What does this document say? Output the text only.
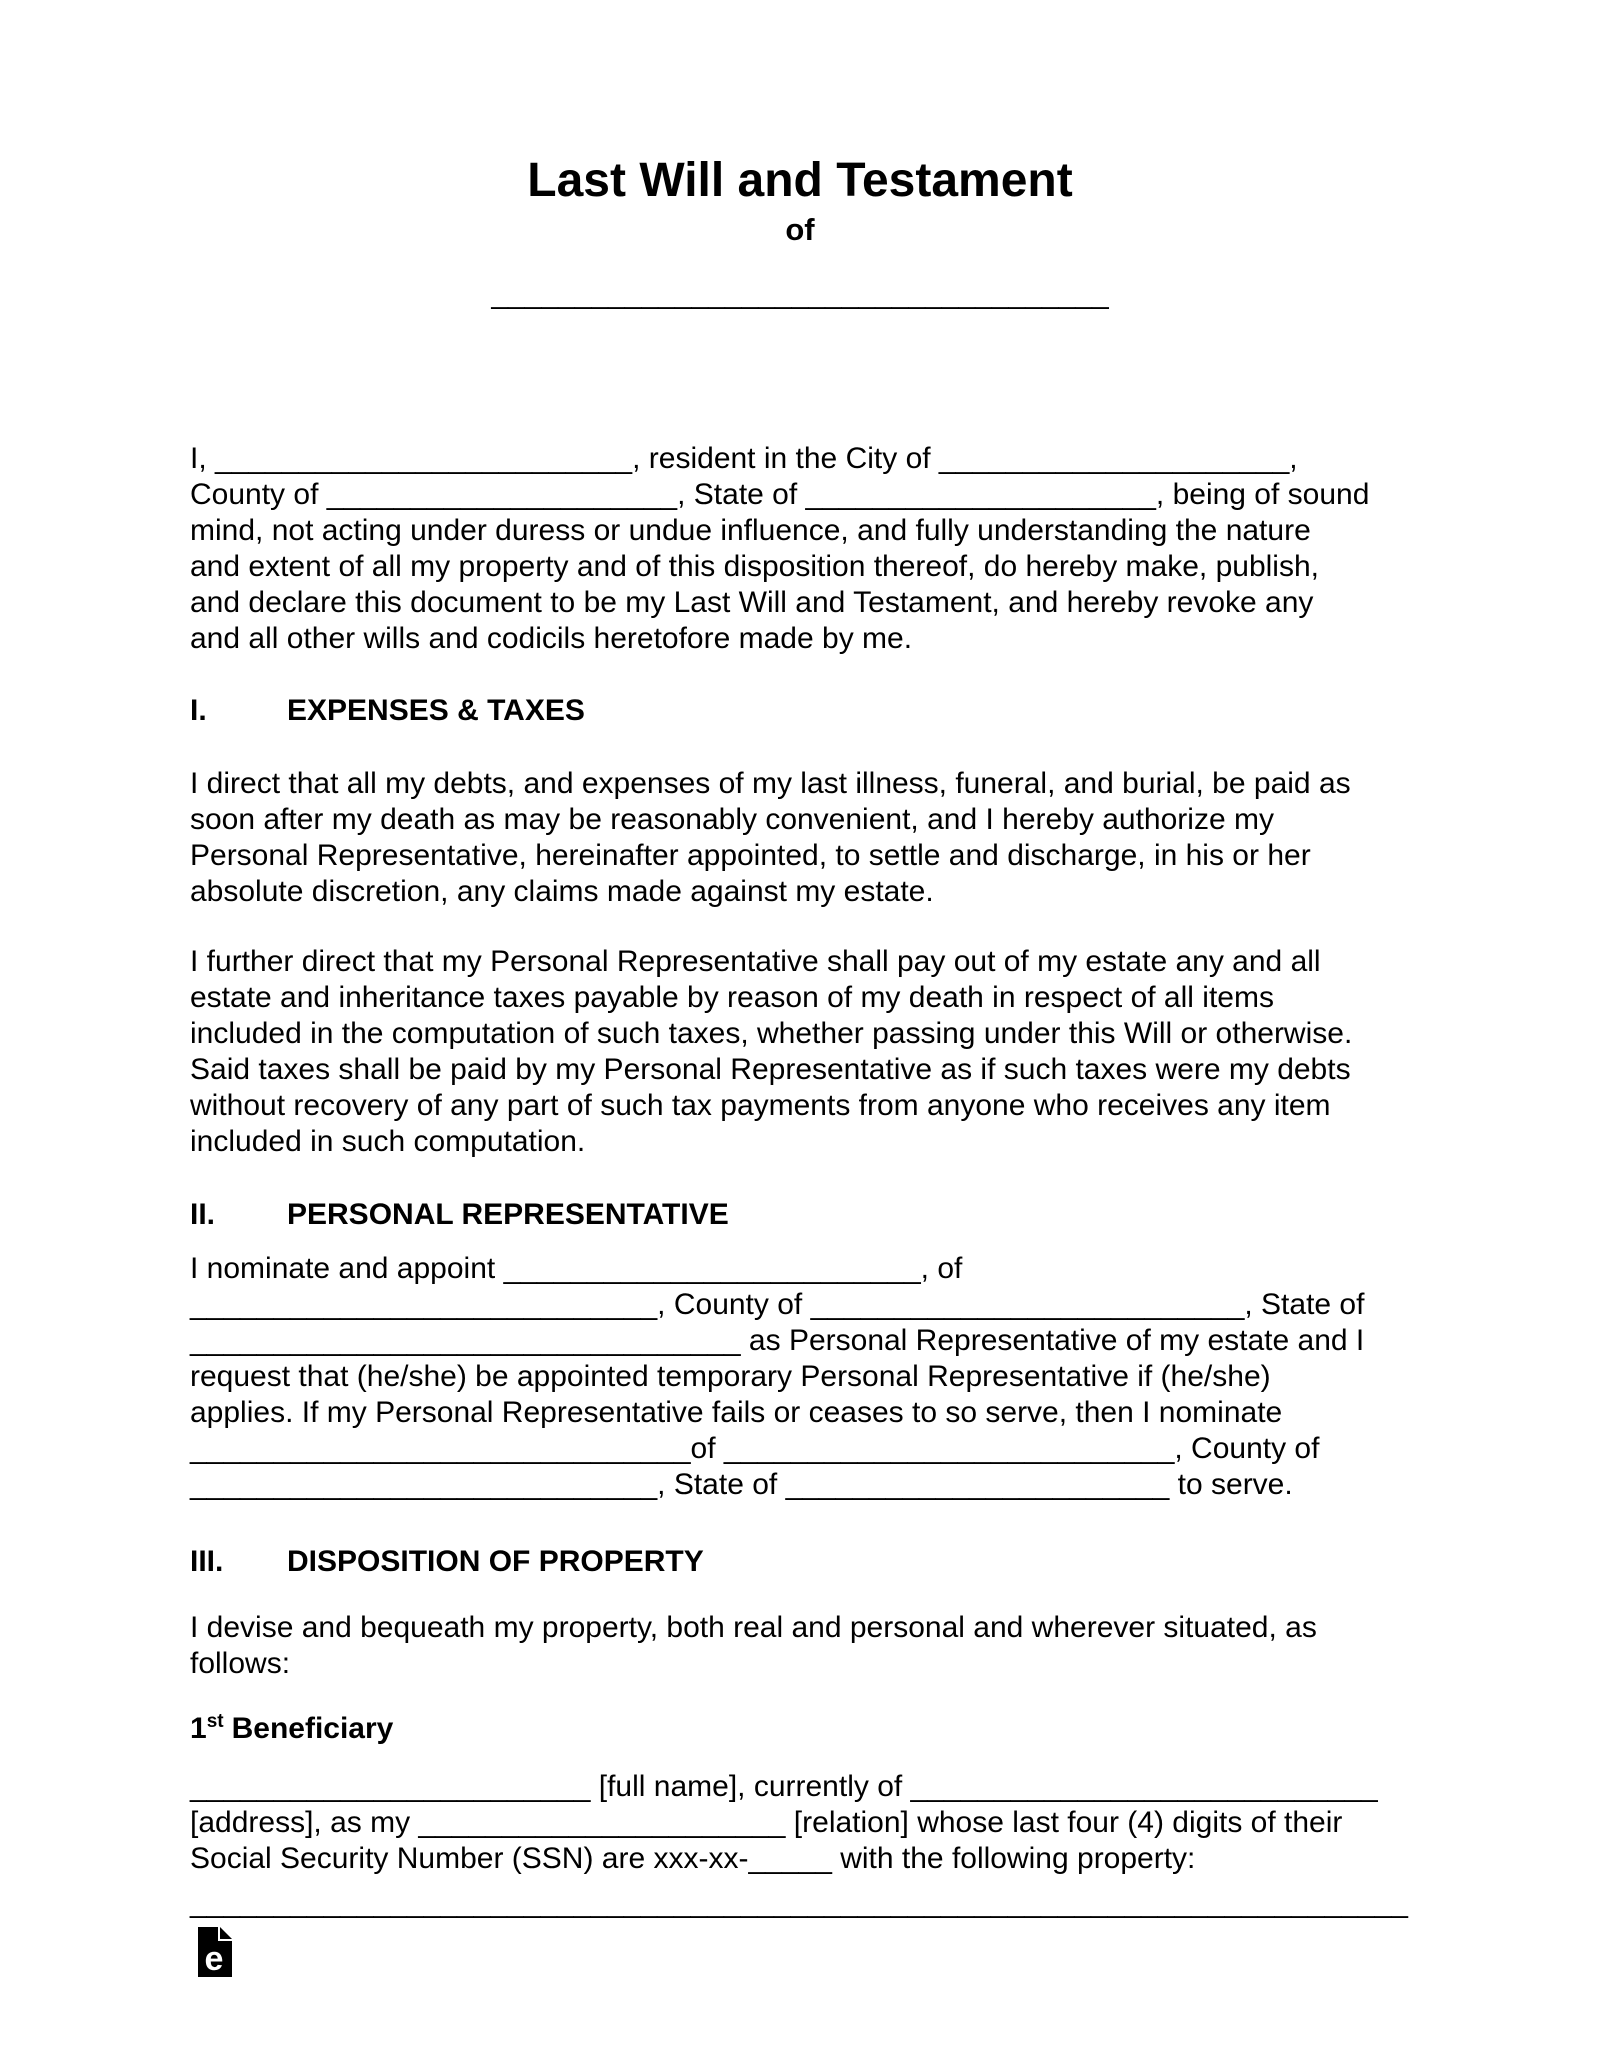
Last Will and Testament
of
_____________________________________
I, _________________________, resident in the City of _____________________,
County of _____________________, State of _____________________, being of sound
mind, not acting under duress or undue influence, and fully understanding the nature
and extent of all my property and of this disposition thereof, do hereby make, publish,
and declare this document to be my Last Will and Testament, and hereby revoke any
and all other wills and codicils heretofore made by me.
I.	EXPENSES & TAXES
I direct that all my debts, and expenses of my last illness, funeral, and burial, be paid as
soon after my death as may be reasonably convenient, and I hereby authorize my
Personal Representative, hereinafter appointed, to settle and discharge, in his or her
absolute discretion, any claims made against my estate.
I further direct that my Personal Representative shall pay out of my estate any and all
estate and inheritance taxes payable by reason of my death in respect of all items
included in the computation of such taxes, whether passing under this Will or otherwise.
Said taxes shall be paid by my Personal Representative as if such taxes were my debts
without recovery of any part of such tax payments from anyone who receives any item
included in such computation.
II.	PERSONAL REPRESENTATIVE
I nominate and appoint _________________________, of
____________________________, County of __________________________, State of
_________________________________ as Personal Representative of my estate and I
request that (he/she) be appointed temporary Personal Representative if (he/she)
applies. If my Personal Representative fails or ceases to so serve, then I nominate
______________________________of ___________________________, County of
____________________________, State of _______________________ to serve.
III.	DISPOSITION OF PROPERTY
I devise and bequeath my property, both real and personal and wherever situated, as
follows:
1st Beneficiary
________________________ [full name], currently of ____________________________
[address], as my ______________________ [relation] whose last four (4) digits of their
Social Security Number (SSN) are xxx-xx-_____ with the following property:
_________________________________________________________________________
e
